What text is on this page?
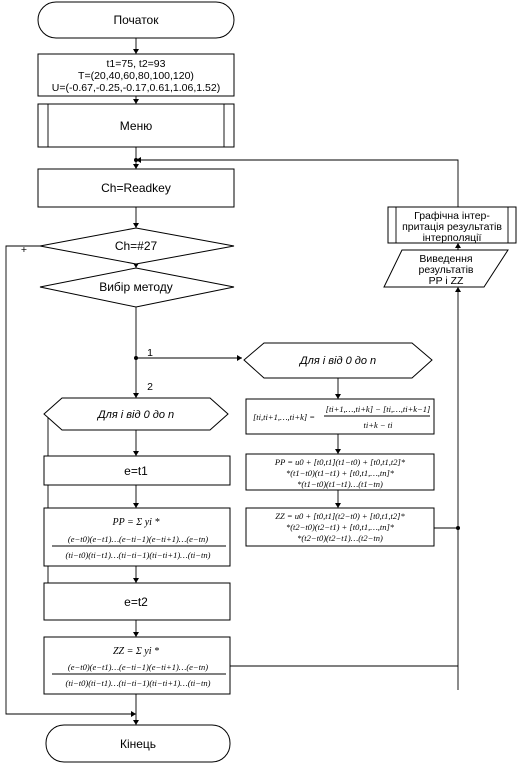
Початок
t1=75, t2=93
T=(20,40,60,80,100,120)
U=(-0.67,-0.25,-0.17,0.61,1.06,1.52)
Меню
Ch=Readkey
Ch=#27
+
Вибір методу
1
2
Для i від 0 до n
e=t1
PP = Σ yi *
(e−t0)(e−t1)…(e−ti−1)(e−ti+1)…(e−tn)
(ti−t0)(ti−t1)…(ti−ti−1)(ti−ti+1)…(ti−tn)
e=t2
ZZ = Σ yi *
(e−t0)(e−t1)…(e−ti−1)(e−ti+1)…(e−tn)
(ti−t0)(ti−t1)…(ti−ti−1)(ti−ti+1)…(ti−tn)
Кінець
Для i від 0 до n
[ti,ti+1,…,ti+k] =
[ti+1,…,ti+k] − [ti,…,ti+k−1]
ti+k − ti
PP = u0 + [t0,t1](t1−t0) + [t0,t1,t2]*
*(t1−t0)(t1−t1) + [t0,t1,…,tn]*
*(t1−t0)(t1−t1)…(t1−tn)
ZZ = u0 + [t0,t1](t2−t0) + [t0,t1,t2]*
*(t2−t0)(t2−t1) + [t0,t1,…,tn]*
*(t2−t0)(t2−t1)…(t2−tn)
Виведення
результатів
PP i ZZ
Графічна інтер-
притація результатів
інтерполяції
